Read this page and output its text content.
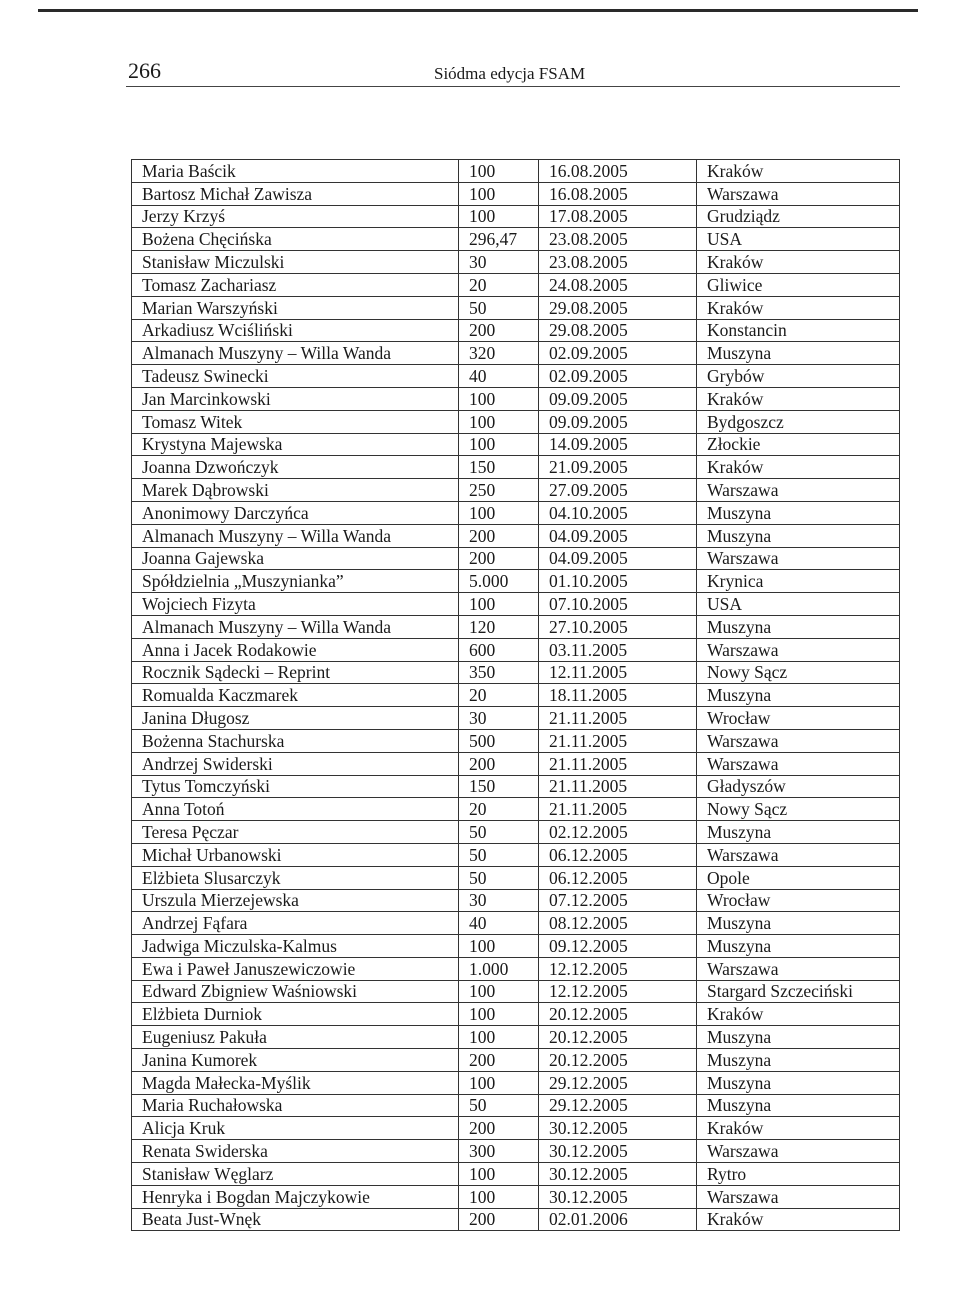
266	Siódma edycja FSAM
Maria Baścik	100	16.08.2005	Kraków
Bartosz Michał Zawisza	100	16.08.2005	Warszawa
Jerzy Krzyś	100	17.08.2005	Grudziądz
Bożena Chęcińska	296,47	23.08.2005	USA
Stanisław Miczulski	30	23.08.2005	Kraków
Tomasz Zachariasz	20	24.08.2005	Gliwice
Marian Warszyński	50	29.08.2005	Kraków
Arkadiusz Wciśliński	200	29.08.2005	Konstancin
Almanach Muszyny – Willa Wanda	320	02.09.2005	Muszyna
Tadeusz Swinecki	40	02.09.2005	Grybów
Jan Marcinkowski	100	09.09.2005	Kraków
Tomasz Witek	100	09.09.2005	Bydgoszcz
Krystyna Majewska	100	14.09.2005	Złockie
Joanna Dzwończyk	150	21.09.2005	Kraków
Marek Dąbrowski	250	27.09.2005	Warszawa
Anonimowy Darczyńca	100	04.10.2005	Muszyna
Almanach Muszyny – Willa Wanda	200	04.09.2005	Muszyna
Joanna Gajewska	200	04.09.2005	Warszawa
Spółdzielnia „Muszynianka”	5.000	01.10.2005	Krynica
Wojciech Fizyta	100	07.10.2005	USA
Almanach Muszyny – Willa Wanda	120	27.10.2005	Muszyna
Anna i Jacek Rodakowie	600	03.11.2005	Warszawa
Rocznik Sądecki – Reprint	350	12.11.2005	Nowy Sącz
Romualda Kaczmarek	20	18.11.2005	Muszyna
Janina Długosz	30	21.11.2005	Wrocław
Bożenna Stachurska	500	21.11.2005	Warszawa
Andrzej Swiderski	200	21.11.2005	Warszawa
Tytus Tomczyński	150	21.11.2005	Gładyszów
Anna Totoń	20	21.11.2005	Nowy Sącz
Teresa Pęczar	50	02.12.2005	Muszyna
Michał Urbanowski	50	06.12.2005	Warszawa
Elżbieta Slusarczyk	50	06.12.2005	Opole
Urszula Mierzejewska	30	07.12.2005	Wrocław
Andrzej Fąfara	40	08.12.2005	Muszyna
Jadwiga Miczulska-Kalmus	100	09.12.2005	Muszyna
Ewa i Paweł Januszewiczowie	1.000	12.12.2005	Warszawa
Edward Zbigniew Waśniowski	100	12.12.2005	Stargard Szczeciński
Elżbieta Durniok	100	20.12.2005	Kraków
Eugeniusz Pakuła	100	20.12.2005	Muszyna
Janina Kumorek	200	20.12.2005	Muszyna
Magda Małecka-Myślik	100	29.12.2005	Muszyna
Maria Ruchałowska	50	29.12.2005	Muszyna
Alicja Kruk	200	30.12.2005	Kraków
Renata Swiderska	300	30.12.2005	Warszawa
Stanisław Węglarz	100	30.12.2005	Rytro
Henryka i Bogdan Majczykowie	100	30.12.2005	Warszawa
Beata Just-Wnęk	200	02.01.2006	Kraków
